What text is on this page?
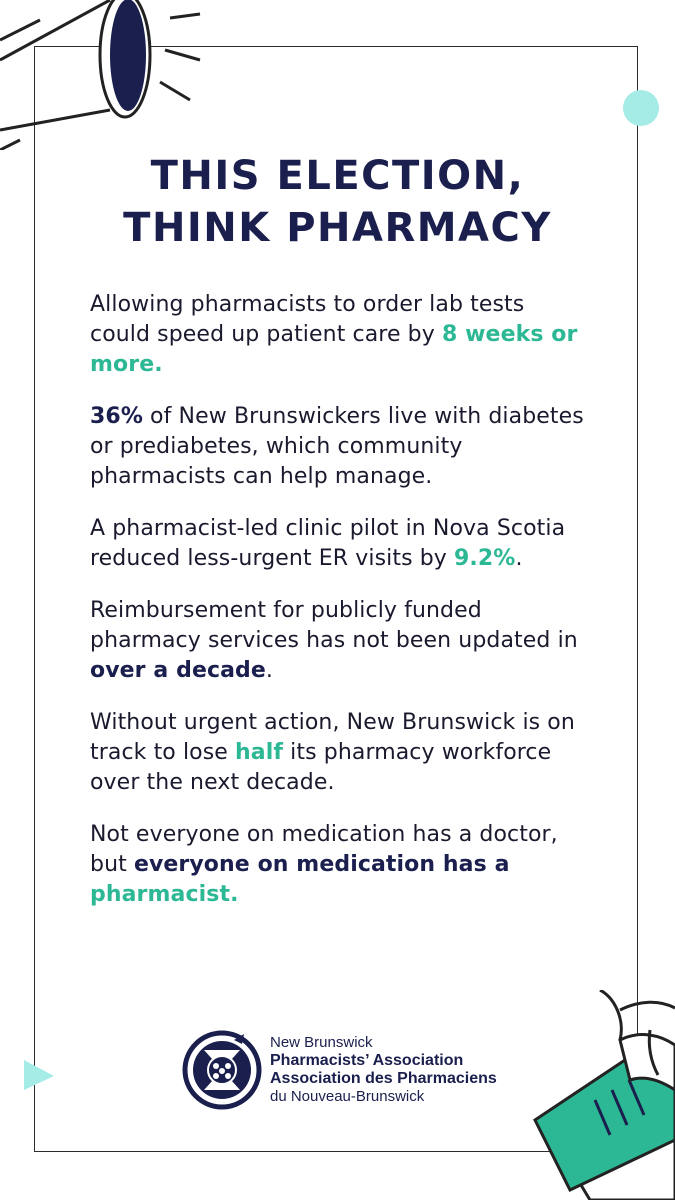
THIS ELECTION,
THINK PHARMACY

Allowing pharmacists to order lab tests could speed up patient care by 8 weeks or more.

36% of New Brunswickers live with diabetes or prediabetes, which community pharmacists can help manage.

A pharmacist-led clinic pilot in Nova Scotia reduced less-urgent ER visits by 9.2%.

Reimbursement for publicly funded pharmacy services has not been updated in over a decade.

Without urgent action, New Brunswick is on track to lose half its pharmacy workforce over the next decade.

Not everyone on medication has a doctor, but everyone on medication has a pharmacist.

New Brunswick
Pharmacists’ Association
Association des Pharmaciens
du Nouveau-Brunswick
